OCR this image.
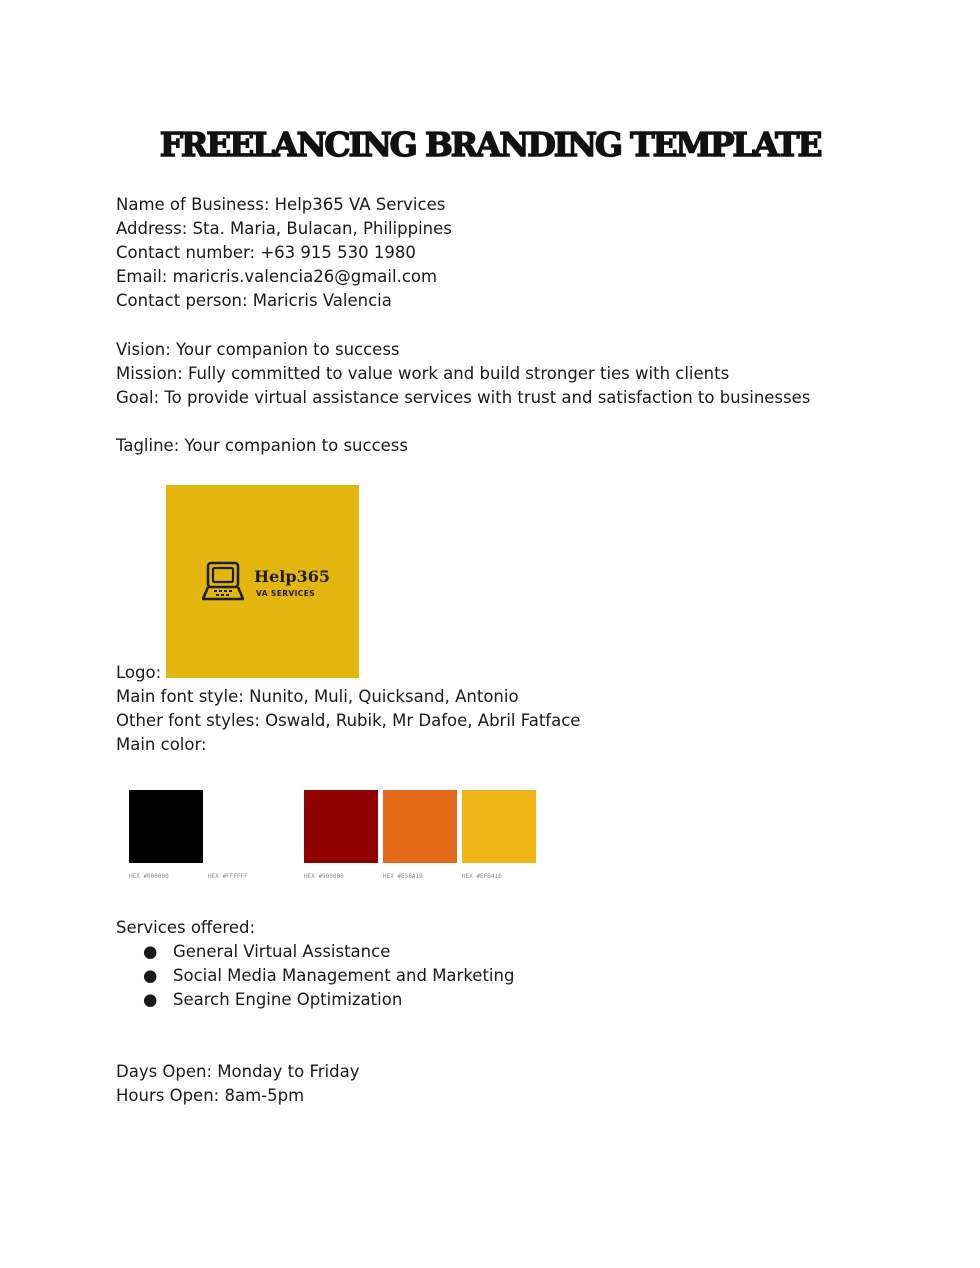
FREELANCING BRANDING TEMPLATE
Name of Business: Help365 VA Services
Address: Sta. Maria, Bulacan, Philippines
Contact number: +63 915 530 1980
Email: maricris.valencia26@gmail.com
Contact person: Maricris Valencia
Vision: Your companion to success
Mission: Fully committed to value work and build stronger ties with clients
Goal: To provide virtual assistance services with trust and satisfaction to businesses
Tagline: Your companion to success
Help365
VA SERVICES
Logo:
Main font style: Nunito, Muli, Quicksand, Antonio
Other font styles: Oswald, Rubik, Mr Dafoe, Abril Fatface
Main color:
HEX #000000	HEX #FFFFFF	HEX #900000	HEX #E56A19	HEX #EFB416
Services offered:
● General Virtual Assistance
● Social Media Management and Marketing
● Search Engine Optimization
Days Open: Monday to Friday
Hours Open: 8am-5pm
